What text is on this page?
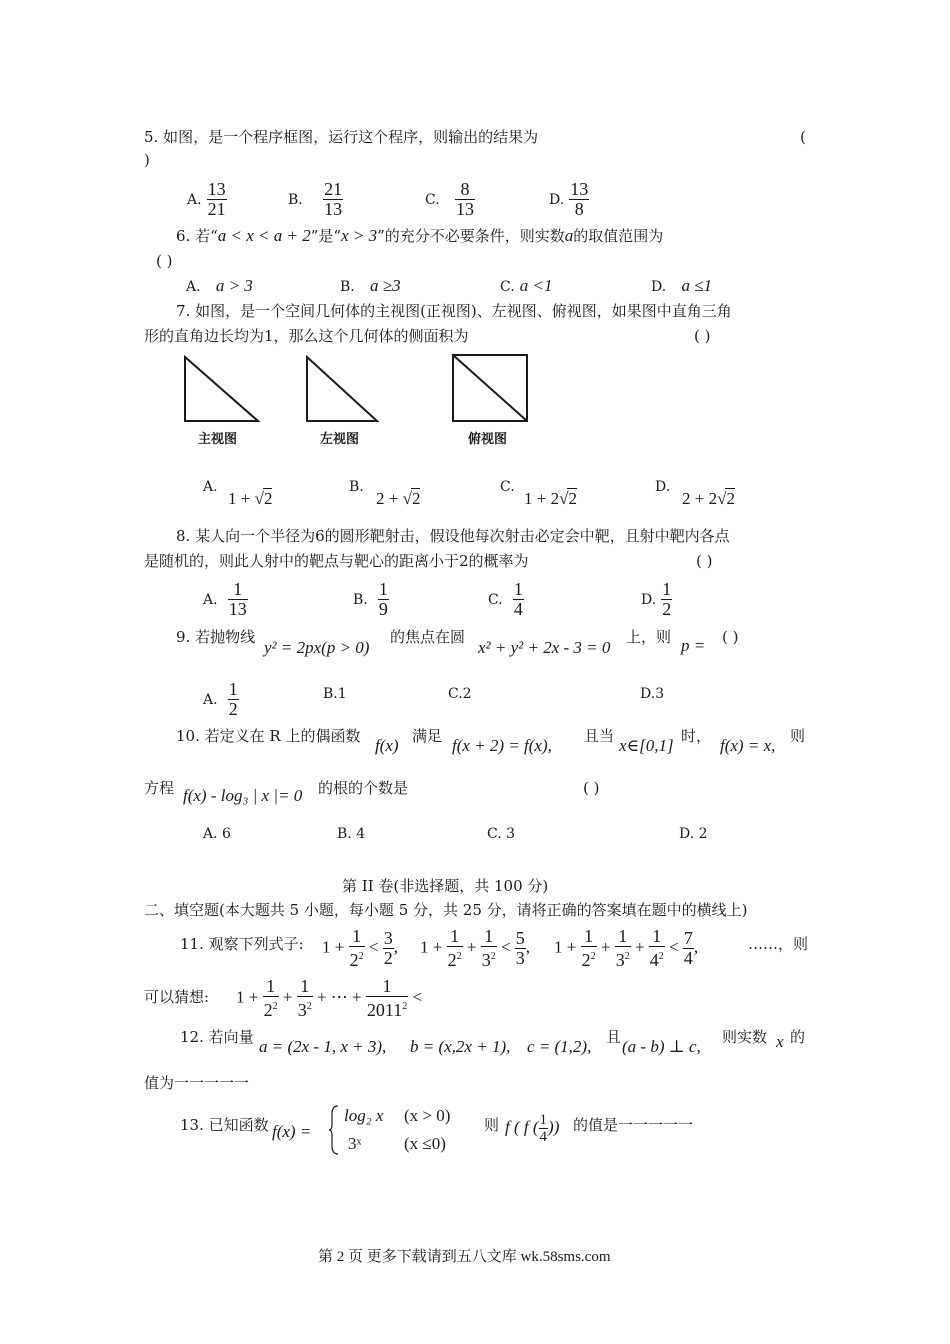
5. 如图，是一个程序框图，运行这个程序，则输出的结果为	(
)
A. $\frac{13}{21}$	B. $\frac{21}{13}$	C. $\frac{8}{13}$	D. $\frac{13}{8}$
6. 若“a < x < a + 2”是“x > 3”的充分不必要条件，则实数a的取值范围为
( )
A. a > 3	B. a ≥3	C. a <1	D. a ≤1
7. 如图，是一个空间几何体的主视图(正视图)、左视图、俯视图，如果图中直角三角
形的直角边长均为1，那么这个几何体的侧面积为	( )
主视图	左视图	俯视图
A.
1 + √2
B.
2 + √2
C.
1 + 2√2
D.
2 + 2√2
8. 某人向一个半径为6的圆形靶射击，假设他每次射击必定会中靶，且射中靶内各点
是随机的，则此人射中的靶点与靶心的距离小于2的概率为	( )
A. $\frac{1}{13}$	B. $\frac{1}{9}$	C. $\frac{1}{4}$	D. $\frac{1}{2}$
9. 若抛物线
y² = 2px(p > 0)
的焦点在圆
x² + y² + 2x - 3 = 0
上，则 p = ( )
A. $\frac{1}{2}$	B.1	C.2	D.3
10. 若定义在 R 上的偶函数 f(x) 满足 f(x + 2) = f(x), 且当 x∈[0,1] 时， f(x) = x, 则
方程 f(x) - log₃ | x |= 0 的根的个数是	( )
A. 6	B. 4	C. 3	D. 2
第 II 卷(非选择题，共 100 分)
二、填空题(本大题共 5 小题，每小题 5 分，共 25 分，请将正确的答案填在题中的横线上)
11. 观察下列式子: $1 + \frac{1}{2^2} < \frac{3}{2}$ , $1 + \frac{1}{2^2} + \frac{1}{3^2} < \frac{5}{3}$ , $1 + \frac{1}{2^2} + \frac{1}{3^2} + \frac{1}{4^2} < \frac{7}{4}$ ,	……，则
可以猜想: $1 + \frac{1}{2^2} + \frac{1}{3^2}$ + ⋯ + $\frac{1}{2011^2}$ <
12. 若向量 a = (2x - 1, x + 3), b = (x,2x + 1), c = (1,2), 且 (a - b) ⊥ c, 则实数 x 的
值为一一一一一
13. 已知函数 f(x) =
log₂ x (x > 0)
3ˣ	(x ≤0)
则 f ( f ( $\frac{1}{4}$ )) 的值是一一一一一
第 2 页 更多下载请到五八文库 wk.58sms.com
